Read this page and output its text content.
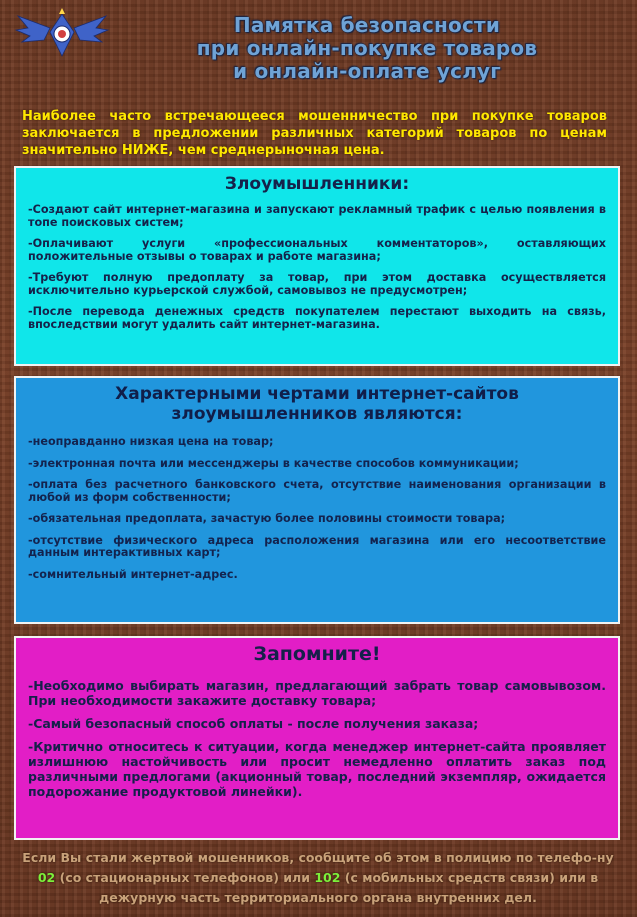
Памятка безопасности
при онлайн-покупке товаров
и онлайн-оплате услуг
Наиболее часто встречающееся мошенничество при покупке товаров заключается в предложении различных категорий товаров по ценам значительно НИЖЕ, чем среднерыночная цена.
Злоумышленники:
-Создают сайт интернет-магазина и запускают рекламный трафик с целью появления в топе поисковых систем;
-Оплачивают услуги «профессиональных комментаторов», оставляющих положительные отзывы о товарах и работе магазина;
-Требуют полную предоплату за товар, при этом доставка осуществляется исключительно курьерской службой, самовывоз не предусмотрен;
-После перевода денежных средств покупателем перестают выходить на связь, впоследствии могут удалить сайт интернет-магазина.
Характерными чертами интернет-сайтов
злоумышленников являются:
-неоправданно низкая цена на товар;
-электронная почта или мессенджеры в качестве способов коммуникации;
-оплата без расчетного банковского счета, отсутствие наименования организации в любой из форм собственности;
-обязательная предоплата, зачастую более половины стоимости товара;
-отсутствие физического адреса расположения магазина или его несоответствие данным интерактивных карт;
-сомнительный интернет-адрес.
Запомните!
-Необходимо выбирать магазин, предлагающий забрать товар самовывозом. При необходимости закажите доставку товара;
-Самый безопасный способ оплаты - после получения заказа;
-Критично относитесь к ситуации, когда менеджер интернет-сайта проявляет излишнюю настойчивость или просит немедленно оплатить заказ под различными предлогами (акционный товар, последний экземпляр, ожидается подорожание продуктовой линейки).
Если Вы стали жертвой мошенников, сообщите об этом в полицию по телефо-ну 02 (со стационарных телефонов) или 102 (с мобильных средств связи) или в дежурную часть территориального органа внутренних дел.
